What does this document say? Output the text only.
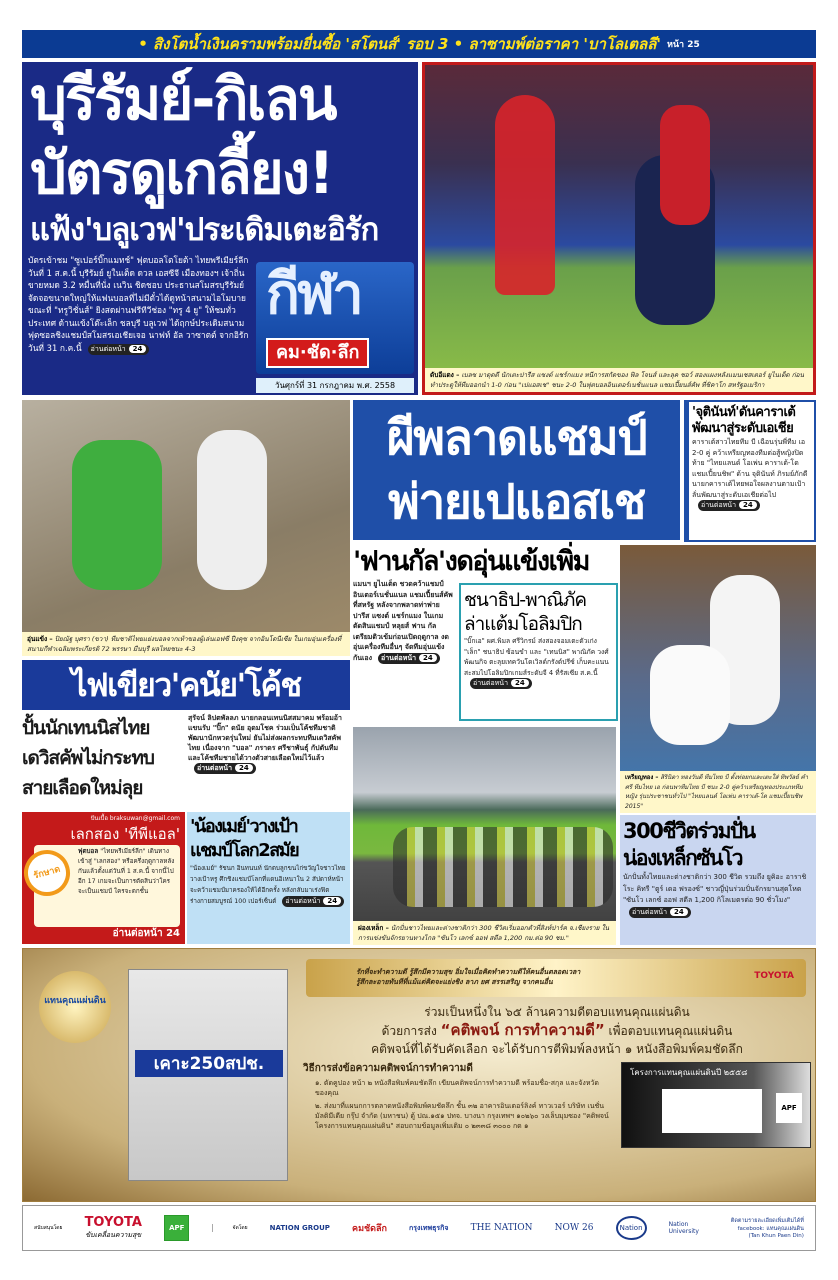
• สิงโตน้ำเงินครามพร้อมยื่นซื้อ 'สโตนส์' รอบ 3 • ลาซามพ์ต่อราคา 'บาโลเตลลี' หน้า 25
บุรีรัมย์-กิเลน
บัตรดูเกลี้ยง!
แฟ้ง'บลูเวฟ'ประเดิมเตะอิรัก
บัตรเข้าชม "ซูเปอร์บิ๊กแมทช์" ฟุตบอลโตโยต้า ไทยพรีเมียร์ลีก วันที่ 1 ส.ค.นี้ บุรีรัมย์ ยูในเต็ด ดวล เอสซีจี เมืองทองฯ เจ้าถิ่นขายหมด 3.2 หมื่นที่นั่ง เนวิน ชิดชอบ ประธานสโมสรบุรีรัมย์ จัดจอขนาดใหญ่ให้แฟนบอลที่ไม่มีตั๋วได้ดูหน้าสนามไอโมบาย ขณะที่ "ทรูวิชั่นส์" ยิงสดผ่านฟรีทีวีช่อง "ทรู 4 ยู" ให้ชมทั่วประเทศ ด้านแข้งโต๊ะเล็ก ชลบุรี บลูเวฟ ได้ฤกษ์ประเดิมสนามฟุตซอลชิงแชมป์สโมสรเอเชียเจอ นาฟท์ อัล วาซาตต์ จากอิรัก วันที่ 31 ก.ค.นี้ อ่านต่อหน้า 24
กีฬา
คม·ชัด·ลึก
วันศุกร์ที่ 31 กรกฎาคม พ.ศ. 2558
ดับอีแดง – เบลซ มาตุดดี นักเตะปารีส แซงต์ แชร์กแมง หนีการสกัดของ ฟิล โจนส์ และลุค ชอว์ สองแผงหลังแมนเชสเตอร์ ยูไนเต็ด ก่อนทำประตูให้ทีมออกนำ 1-0 ก่อน "เปแอสเช" ชนะ 2-0 ในฟุตบอลอินเตอร์เนชั่นแนล แชมเปี้ยนส์คัพ ที่ชิคาโก สหรัฐอเมริกา
อุ่นแข้ง – ปิยณัฐ บุศรา (ขวา) ทีมชาติไทยแย่งบอลจากเท้าของผู้เล่นเอฟซี ปีงคุซ จากอินโดนีเซีย ในเกมอุ่นเครื่องที่สนามกีฬาเฉลิมพระเกียรติ 72 พรรษา มีนบุรี ผลไทยชนะ 4-3
ผีพลาดแชมป์
พ่ายเปแอสเช
'จุตินันท์'ดันคาราเต้พัฒนาสู่ระดับเอเชีย
คาราเต้สาวไทยทีม บี เฉือนรุ่นพี่ทีม เอ 2-0 คู่ คว้าเหรียญทองทีมต่อสู้หญิงปิดท้าย "ไทยแลนด์ โอเพ่น คาราเต้-โด แชมเปี้ยนชิพ" ด้าน จุตินันท์ ภิรมย์ภักดี นายกคาราเต้ไทยพอใจผลงานตามเป้า ลั่นพัฒนาสู่ระดับเอเชียต่อไปอ่านต่อหน้า 24
'ฟานกัล'งดอุ่นแข้งเพิ่ม
แมนฯ ยูไนเต็ด ชวดคว้าแชมป์อินเตอร์เนชั่นแนล แชมเปี้ยนส์คัพ ที่สหรัฐ หลังจากพลาดท่าพ่าย ปารีส แซงต์ แชร์กแมง ในเกมตัดสินแชมป์ หลุยส์ ฟาน กัล เตรียมติวเข้มก่อนเปิดฤดูกาล งดอุ่นเครื่องทีมอื่นๆ จัดทีมอุ่นแข้งกันเอง อ่านต่อหน้า 24
ชนาธิป-พาณิภัค
ล่าแต้มโอลิมปิก
"บิ๊กเอ" ผศ.พิมล ศรีวิกรม์ ส่งสองจอมเตะตัวเก่ง "เล็ก" ชนาธิป ซ้อนขำ และ "เทนนิส" พาณิภัค วงศ์พัฒนกิจ ตะลุยเทควันโดเวิลด์กรังด์ปรีซ์ เก็บคะแนนสะสมไปโอลิมปิกเกมส์ระดับจี 4 ที่รัสเซีย ส.ค.นี้อ่านต่อหน้า 24
เหรียญทอง – สิรินิดา ทองวันดี ทีมไทย บี ตั้งท่อยกและเตะใส่ ทิพวัลย์ คำศรี ทีมไทย เอ ก่อนพาทีมไทย บี ชนะ 2-0 คู่คว้าเหรียญทองประเภททีมหญิง รุ่นประชาชนทั่วไป "ไทยแลนด์ โอเพ่น คาราเต้-โด แชมเปี้ยนชิพ 2015"
ไฟเขียว'คนัย'โค้ช
ปั้นนักเทนนิสไทย
เดวิสคัพไม่กระทบ
สายเลือดใหม่ลุย
สุรัจน์ ลิปตพัลลภ นายกลอนเทนนิสสมาคม พร้อมอ้าแขนรับ "ปิ๊ก" ดนัย อุดมโชค ร่วมเป็นโค้ชทีมชาติพัฒนานักหวดรุ่นใหม่ ยันไม่ส่งผลกระทบทีมเดวิสคัพไทย เนื่องจาก "บอล" ภราดร ศรีชาพันธุ์ กัปตันทีมและโค้ชทีมชายได้วางตัวสายเลือดใหม่ไว้แล้วอ่านต่อหน้า 24
ปันเบื้อ braksuwan@gmail.com
เลกสอง 'ทีพีแอล'
ฟุตบอล "ไทยพรีเมียร์ลีก" เดินทางเข้าสู่ "เลกสอง" หรือครึ่งฤดูกาลหลังกันแล้วตั้งแต่วันที่ 1 ส.ค.นี้ จากนี้ไปอีก 17 เกมจะเป็นการตัดสินว่าใครจะเป็นแชมป์ ใครจะตกชั้น
อ่านต่อหน้า 24
รักษาด
'น้องเมย์'วางเป้า
แชมป์โลก2สมัย
"น้องเมย์" รัชนก อินทนนท์ นักตบลูกขนไก่ขวัญใจชาวไทย วางเป้าหรู ศึกชิงแชมป์โลกที่แดนอิเหนาใน 2 สัปดาห์หน้า จะคว้าแชมป์มาครองให้ได้อีกครั้ง หลังกลับมาเร่งฟิตร่างกายสมบูรณ์ 100 เปอร์เซ็นต์ อ่านต่อหน้า 24
ผ่องเหล็ก – นักปั่นชาวไทยและต่างชาติกว่า 300 ชีวิตเริ่มออกตัวที่สิงห์ปาร์ค จ.เชียงราย ในการแข่งขันจักรยานทางไกล "ซันโว เลกซ์ ออฟ สตีล 1,200 กม.ต่อ 90 ชม."
300ชีวิตร่วมปั่น
น่องเหล็กซันโว
นักปั่นทั้งไทยและต่างชาติกว่า 300 ชีวิต รวมถึง ยูคิอะ อาราชิโระ คิทรี "ตูร์ เดอ ฟรองซ์" ชาวญี่ปุ่นร่วมปั่นจักรยานสุดโหด "ซันโว เลกซ์ ออฟ สตีล 1,200 กิโลเมตรต่อ 90 ชั่วโมง"อ่านต่อหน้า 24
แทนคุณแผ่นดิน
เคาะ250สปช.
รักที่จะทำความดี รู้สึกมีความสุข อิ่มใจเมื่อคิดทำความดีให้คนอื่นตลอดเวลา
รู้สึกละอายทันทีที่แม้แต่คิดจะแย่งชิง ลาภ ยศ สรรเสริญ จากคนอื่น
TOYOTA
ร่วมเป็นหนึ่งใน ๖๕ ล้านความดีตอบแทนคุณแผ่นดิน
ด้วยการส่ง “คติพจน์ การทำความดี” เพื่อตอบแทนคุณแผ่นดิน
คติพจน์ที่ได้รับคัดเลือก จะได้รับการตีพิมพ์ลงหน้า ๑ หนังสือพิมพ์คมชัดลึก
วิธีการส่งข้อความคติพจน์การทำความดี
๑. ตัดคูปอง หน้า ๒ หนังสือพิมพ์คมชัดลึก เขียนคติพจน์การทำความดี พร้อมชื่อ-สกุล และจังหวัดของคุณ
๒. ส่งมาที่แผนกการตลาดหนังสือพิมพ์คมชัดลึก ชั้น ๓๒ อาคารอินเตอร์ลิงค์ ทาวเวอร์ บริษัท เนชั่น มัลติมีเดีย กรุ๊ป จำกัด (มหาชน) ตู้ ปณ.๑๕๑ ปทจ. บางนา กรุงเทพฯ ๑๐๒๖๐ วงเล็บมุมซอง "คติพจน์โครงการแทนคุณแผ่นดิน" สอบถามข้อมูลเพิ่มเติม ๐ ๒๓๓๘ ๓๐๐๐ กด ๑
โครงการแทนคุณแผ่นดินปี ๒๕๕๘
APF
สนับสนุนโดย TOYOTA
ขับเคลื่อนความสุข
APF	จัดโดย	NATION GROUP คมชัดลึก	กรุงเทพธุรกิจ THE NATION NOW 26	Nation	Nation University
ติดตามรายละเอียดเพิ่มเติมได้ที่
facebook: แทนคุณแผ่นดิน
(Tan Khun Paen Din)
